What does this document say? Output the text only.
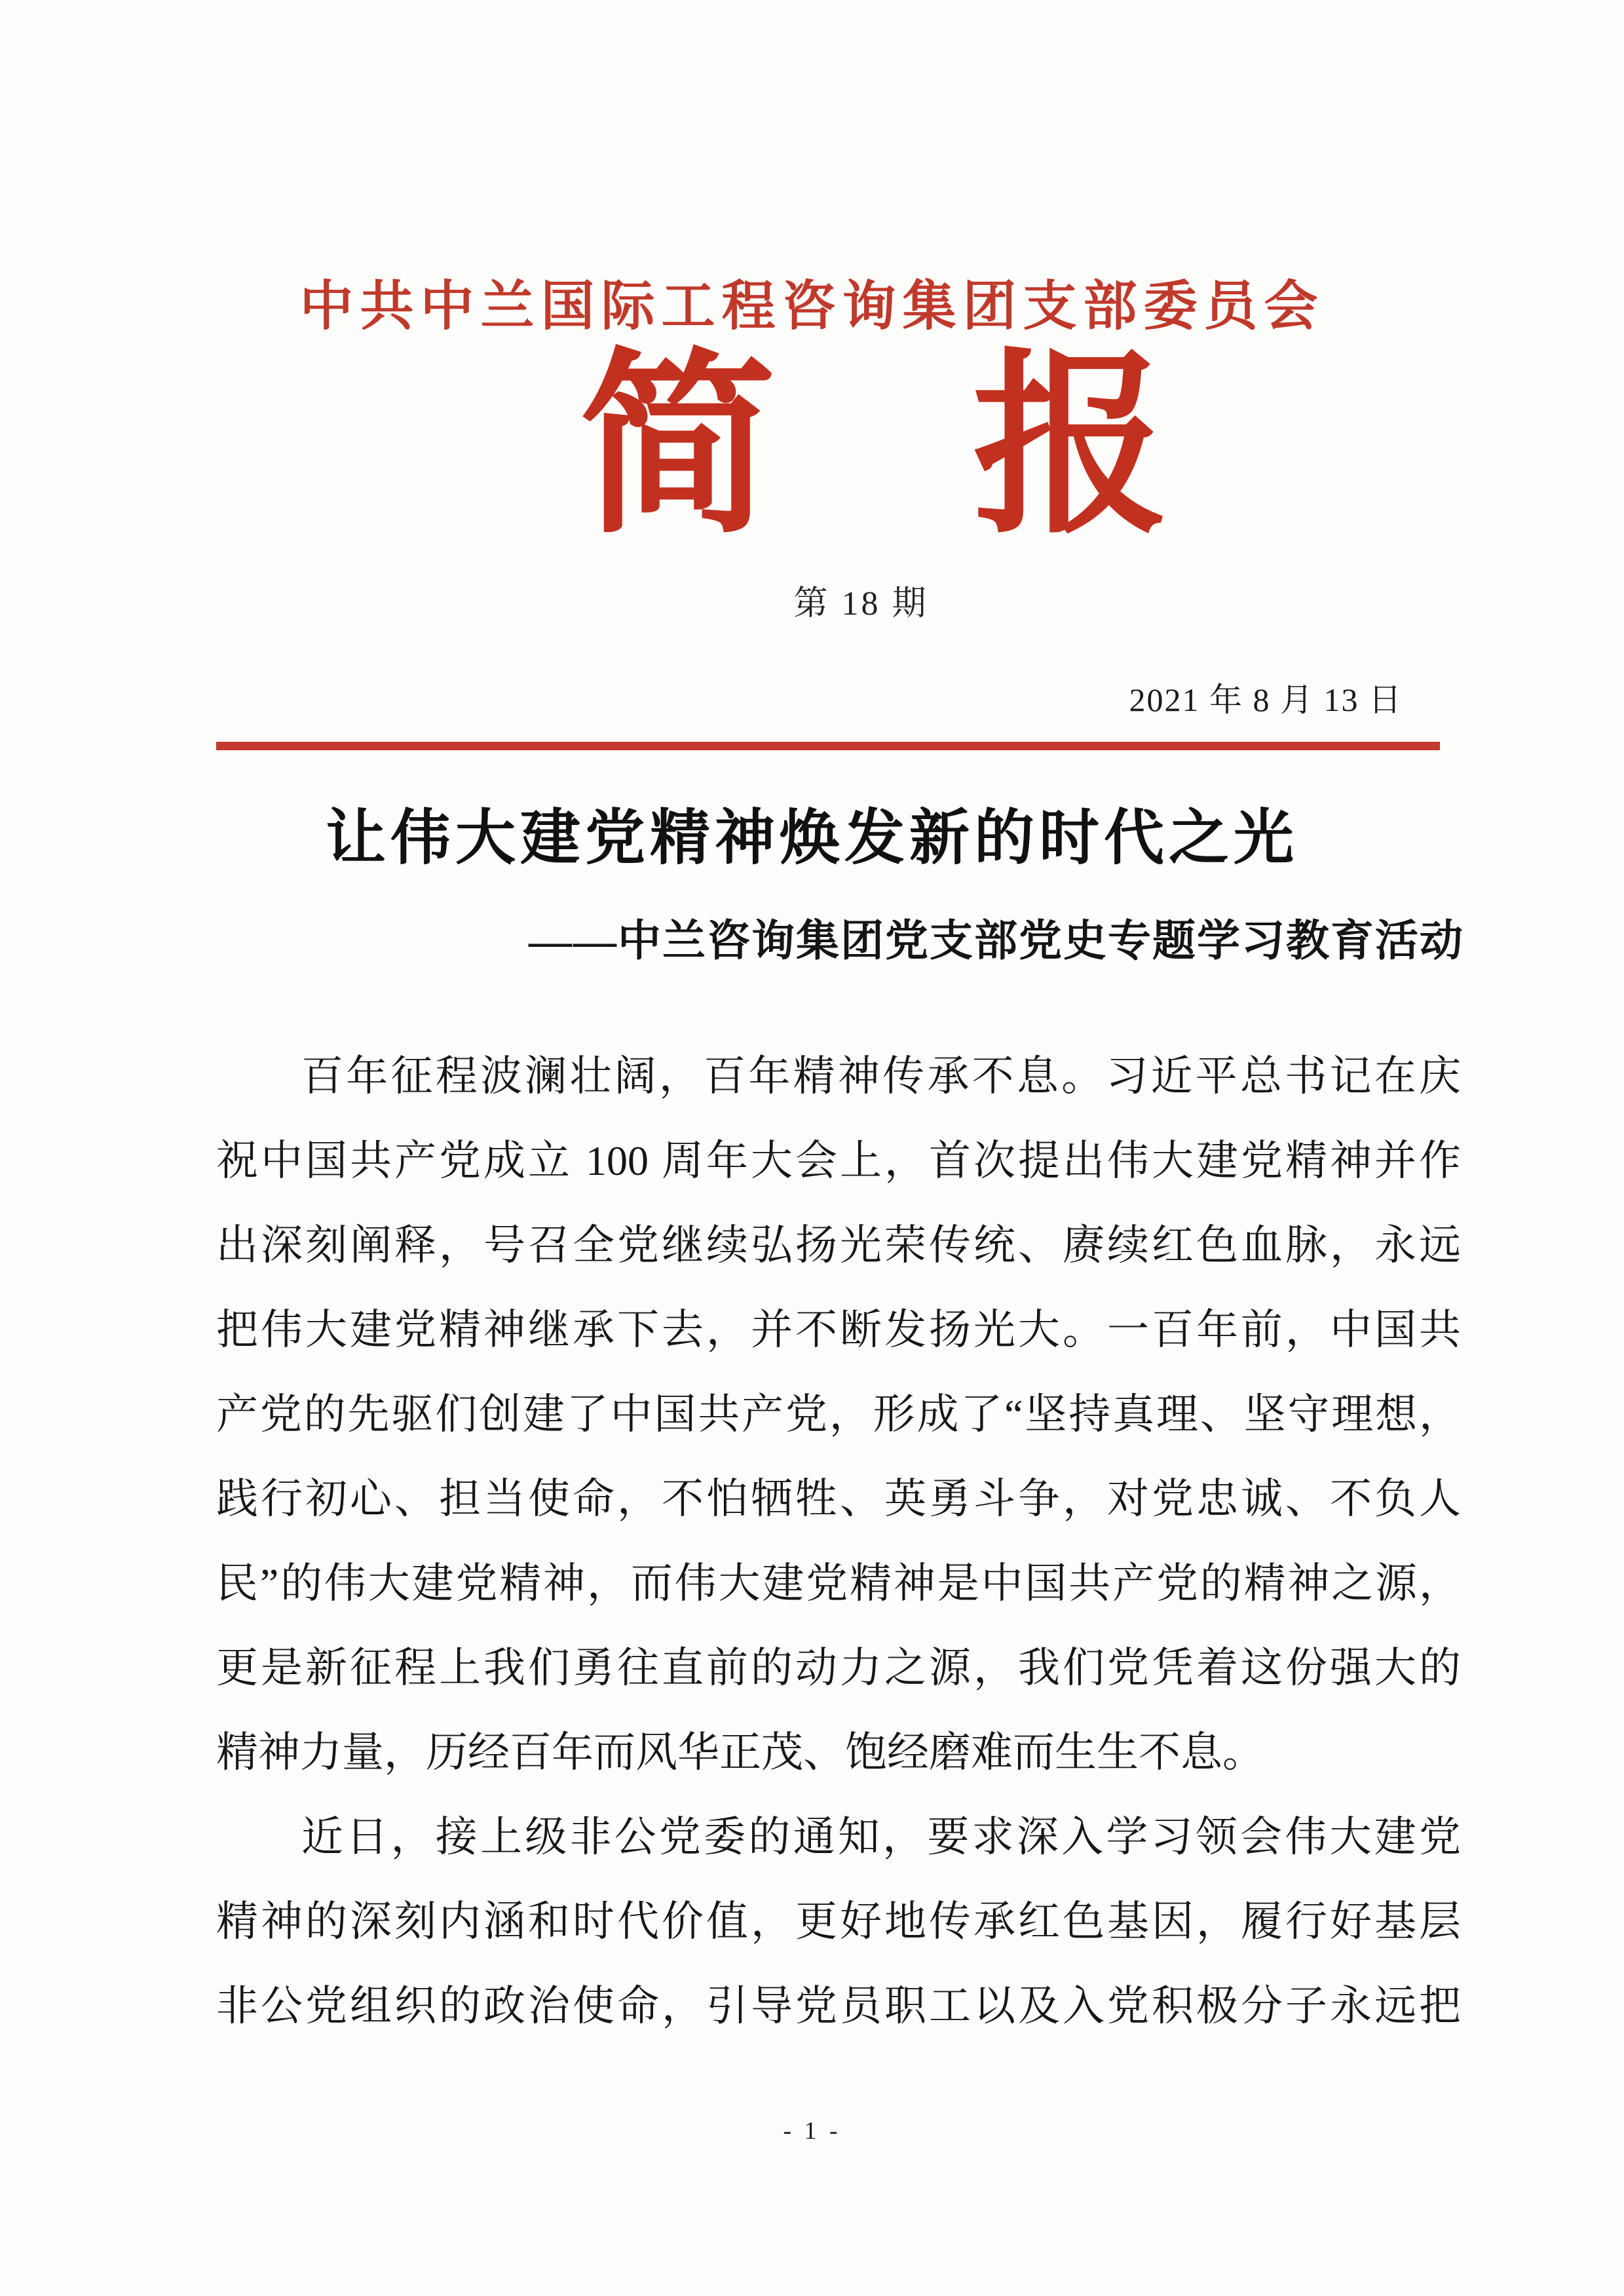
中共中兰国际工程咨询集团支部委员会
简　报
第 18 期
2021 年 8 月 13 日
让伟大建党精神焕发新的时代之光
——中兰咨询集团党支部党史专题学习教育活动
百年征程波澜壮阔，百年精神传承不息。习近平总书记在庆
祝中国共产党成立 100 周年大会上，首次提出伟大建党精神并作
出深刻阐释，号召全党继续弘扬光荣传统、赓续红色血脉，永远
把伟大建党精神继承下去，并不断发扬光大。一百年前，中国共
产党的先驱们创建了中国共产党，形成了“坚持真理、坚守理想，
践行初心、担当使命，不怕牺牲、英勇斗争，对党忠诚、不负人
民”的伟大建党精神，而伟大建党精神是中国共产党的精神之源，
更是新征程上我们勇往直前的动力之源，我们党凭着这份强大的
精神力量，历经百年而风华正茂、饱经磨难而生生不息。
近日，接上级非公党委的通知，要求深入学习领会伟大建党
精神的深刻内涵和时代价值，更好地传承红色基因，履行好基层
非公党组织的政治使命，引导党员职工以及入党积极分子永远把
- 1 -
